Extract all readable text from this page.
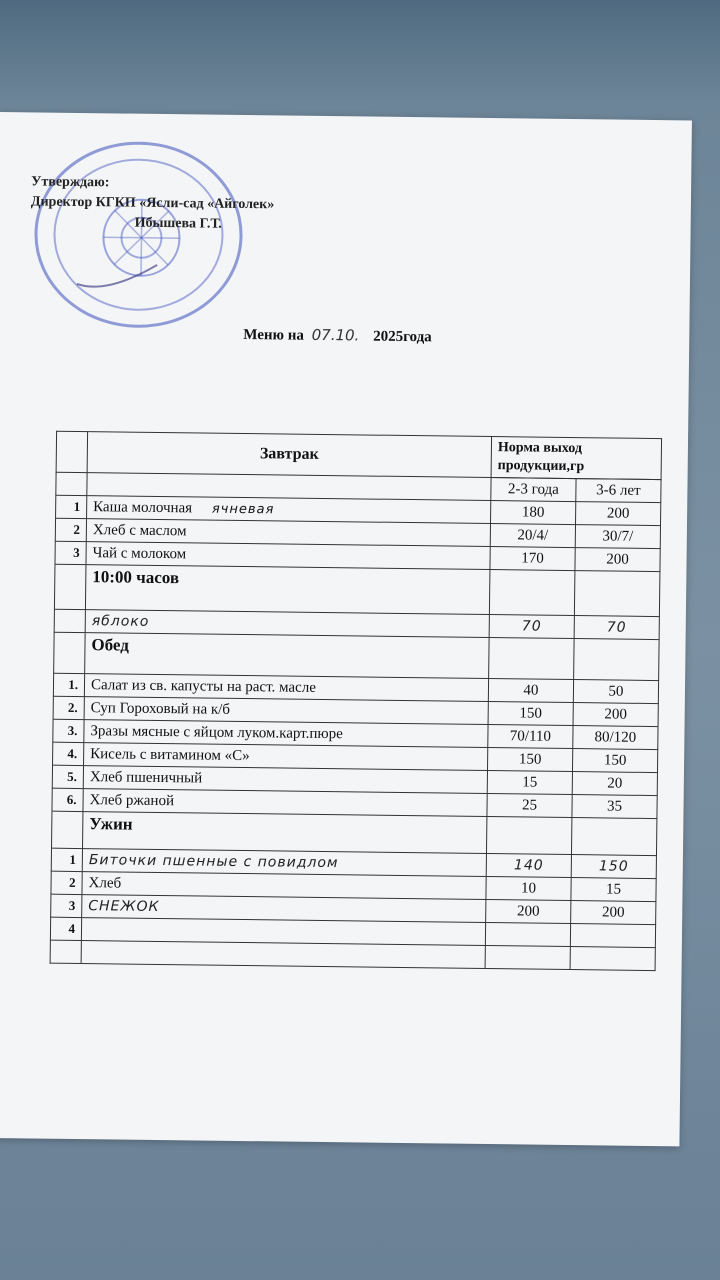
Утверждаю:
Директор КГКП «Ясли-сад «Айголек»
Ибышева Г.Т.
Меню на 07.10. 2025года
	Завтрак	Норма выход продукции,гр	

		2-3 года	3-6 лет
1	Каша молочная ячневая	180	200
2	Хлеб с маслом	20/4/	30/7/
3	Чай с молоком	170	200
	10:00 часов		
	яблоко	70	70
	Обед		
1.	Салат из св. капусты на раст. масле	40	50
2.	Суп Гороховый на к/б	150	200
3.	Зразы мясные с яйцом луком.карт.пюре	70/110	80/120
4.	Кисель с витамином «С»	150	150
5.	Хлеб пшеничный	15	20
6.	Хлеб ржаной	25	35
	Ужин		
1	Биточки пшенные с повидлом	140	150
2	Хлеб	10	15
3	СНЕЖОК	200	200
4			
